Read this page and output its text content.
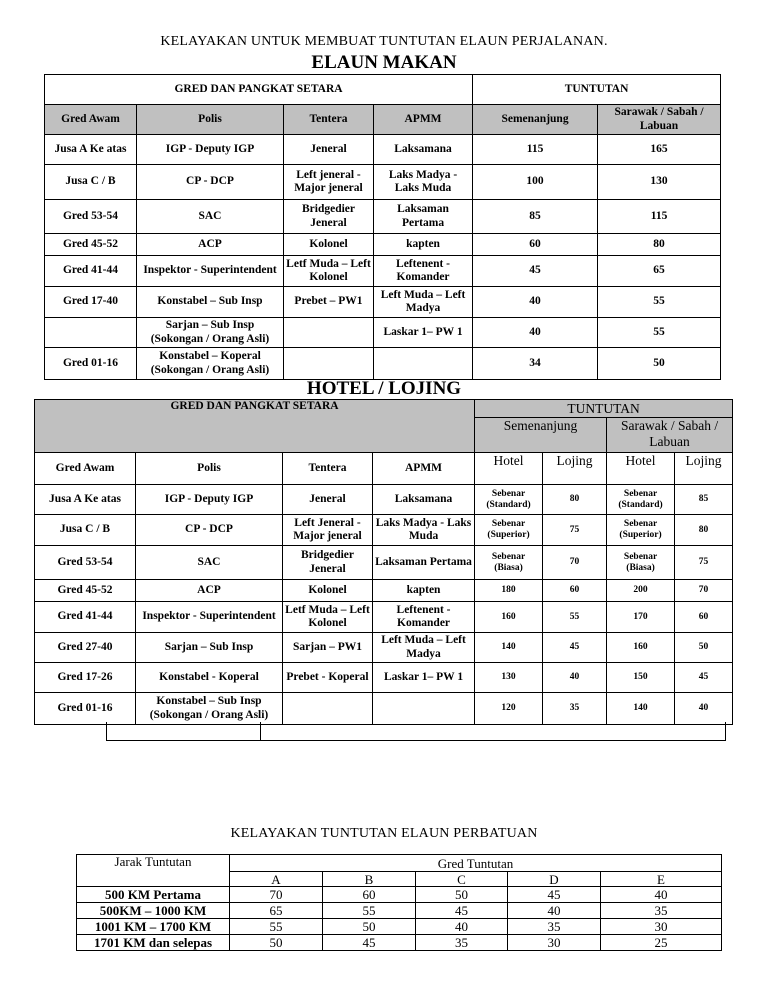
KELAYAKAN UNTUK MEMBUAT TUNTUTAN ELAUN PERJALANAN.
ELAUN MAKAN
GRED DAN PANGKAT SETARA				TUNTUTAN	
Gred Awam	Polis	Tentera	APMM	Semenanjung	Sarawak / Sabah / Labuan
Jusa A Ke atas	IGP - Deputy IGP	Jeneral	Laksamana	115	165
Jusa C / B	CP - DCP	Left jeneral - Major jeneral	Laks Madya - Laks Muda	100	130
Gred 53-54	SAC	Bridgedier Jeneral	Laksaman Pertama	85	115
Gred 45-52	ACP	Kolonel	kapten	60	80
Gred 41-44	Inspektor - Superintendent	Letf Muda – Left Kolonel	Leftenent - Komander	45	65
Gred 17-40	Konstabel – Sub Insp	Prebet – PW1	Left Muda – Left Madya	40	55
	Sarjan – Sub Insp (Sokongan / Orang Asli)		Laskar 1– PW 1	40	55
Gred 01-16	Konstabel – Koperal (Sokongan / Orang Asli)			34	50
HOTEL / LOJING
GRED DAN PANGKAT SETARA				TUNTUTAN			
				Semenanjung		Sarawak / Sabah / Labuan	
Gred Awam	Polis	Tentera	APMM	Hotel	Lojing	Hotel	Lojing
Jusa A Ke atas	IGP - Deputy IGP	Jeneral	Laksamana	Sebenar (Standard)	80	Sebenar (Standard)	85
Jusa C / B	CP - DCP	Left Jeneral - Major jeneral	Laks Madya - Laks Muda	Sebenar (Superior)	75	Sebenar (Superior)	80
Gred 53-54	SAC	Bridgedier Jeneral	Laksaman Pertama	Sebenar (Biasa)	70	Sebenar (Biasa)	75
Gred 45-52	ACP	Kolonel	kapten	180	60	200	70
Gred 41-44	Inspektor - Superintendent	Letf Muda – Left Kolonel	Leftenent - Komander	160	55	170	60
Gred 27-40	Sarjan – Sub Insp	Sarjan – PW1	Left Muda – Left Madya	140	45	160	50
Gred 17-26	Konstabel - Koperal	Prebet - Koperal	Laskar 1– PW 1	130	40	150	45
Gred 01-16	Konstabel – Sub Insp (Sokongan / Orang Asli)			120	35	140	40
KELAYAKAN TUNTUTAN ELAUN PERBATUAN
Jarak Tuntutan	Gred Tuntutan				
	A	B	C	D	E
500 KM Pertama	70	60	50	45	40
500KM – 1000 KM	65	55	45	40	35
1001 KM – 1700 KM	55	50	40	35	30
1701 KM dan selepas	50	45	35	30	25
